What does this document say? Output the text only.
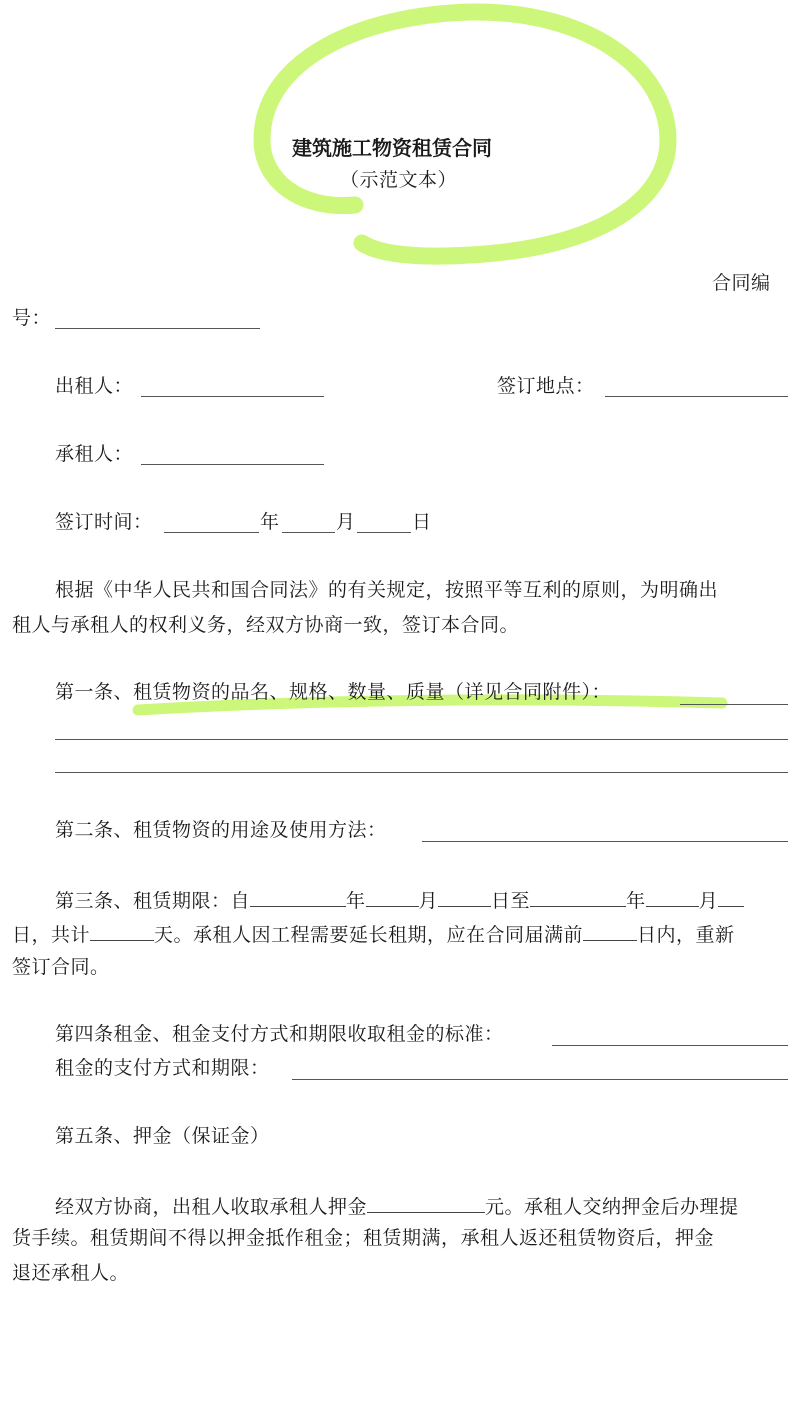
建筑施工物资租赁合同
（示范文本）
合同编
号：
出租人：	签订地点：
承租人：
签订时间：	年	月	日
根据《中华人民共和国合同法》的有关规定，按照平等互利的原则，为明确出
租人与承租人的权利义务，经双方协商一致，签订本合同。
第一条、租赁物资的品名、规格、数量、质量（详见合同附件）：
第二条、租赁物资的用途及使用方法：
第三条、租赁期限：自	年	月	日至	年	月
日，共计	天。承租人因工程需要延长租期，应在合同届满前	日内，重新
签订合同。
第四条租金、租金支付方式和期限收取租金的标准：
租金的支付方式和期限：
第五条、押金（保证金）
经双方协商，出租人收取承租人押金	元。承租人交纳押金后办理提
货手续。租赁期间不得以押金抵作租金；租赁期满，承租人返还租赁物资后，押金
退还承租人。
